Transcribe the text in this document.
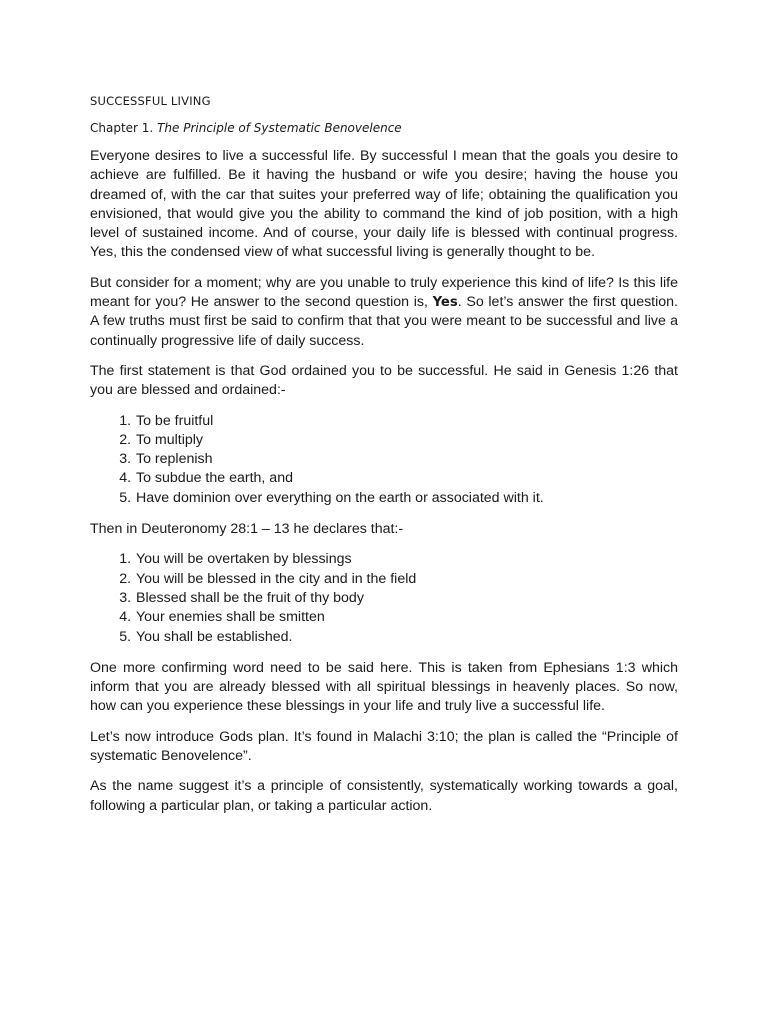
SUCCESSFUL LIVING
Chapter 1. The Principle of Systematic Benovelence

Everyone desires to live a successful life. By successful I mean that the goals you desire to achieve are fulfilled. Be it having the husband or wife you desire; having the house you dreamed of, with the car that suites your preferred way of life; obtaining the qualification you envisioned, that would give you the ability to command the kind of job position, with a high level of sustained income. And of course, your daily life is blessed with continual progress. Yes, this the condensed view of what successful living is generally thought to be.

But consider for a moment; why are you unable to truly experience this kind of life? Is this life meant for you? He answer to the second question is, Yes. So let’s answer the first question. A few truths must first be said to confirm that that you were meant to be successful and live a continually progressive life of daily success.

The first statement is that God ordained you to be successful. He said in Genesis 1:26 that you are blessed and ordained:-

1. To be fruitful
2. To multiply
3. To replenish
4. To subdue the earth, and
5. Have dominion over everything on the earth or associated with it.

Then in Deuteronomy 28:1 – 13 he declares that:-

1. You will be overtaken by blessings
2. You will be blessed in the city and in the field
3. Blessed shall be the fruit of thy body
4. Your enemies shall be smitten
5. You shall be established.

One more confirming word need to be said here. This is taken from Ephesians 1:3 which inform that you are already blessed with all spiritual blessings in heavenly places. So now, how can you experience these blessings in your life and truly live a successful life.

Let’s now introduce Gods plan. It’s found in Malachi 3:10; the plan is called the “Principle of systematic Benovelence”.

As the name suggest it’s a principle of consistently, systematically working towards a goal, following a particular plan, or taking a particular action.
